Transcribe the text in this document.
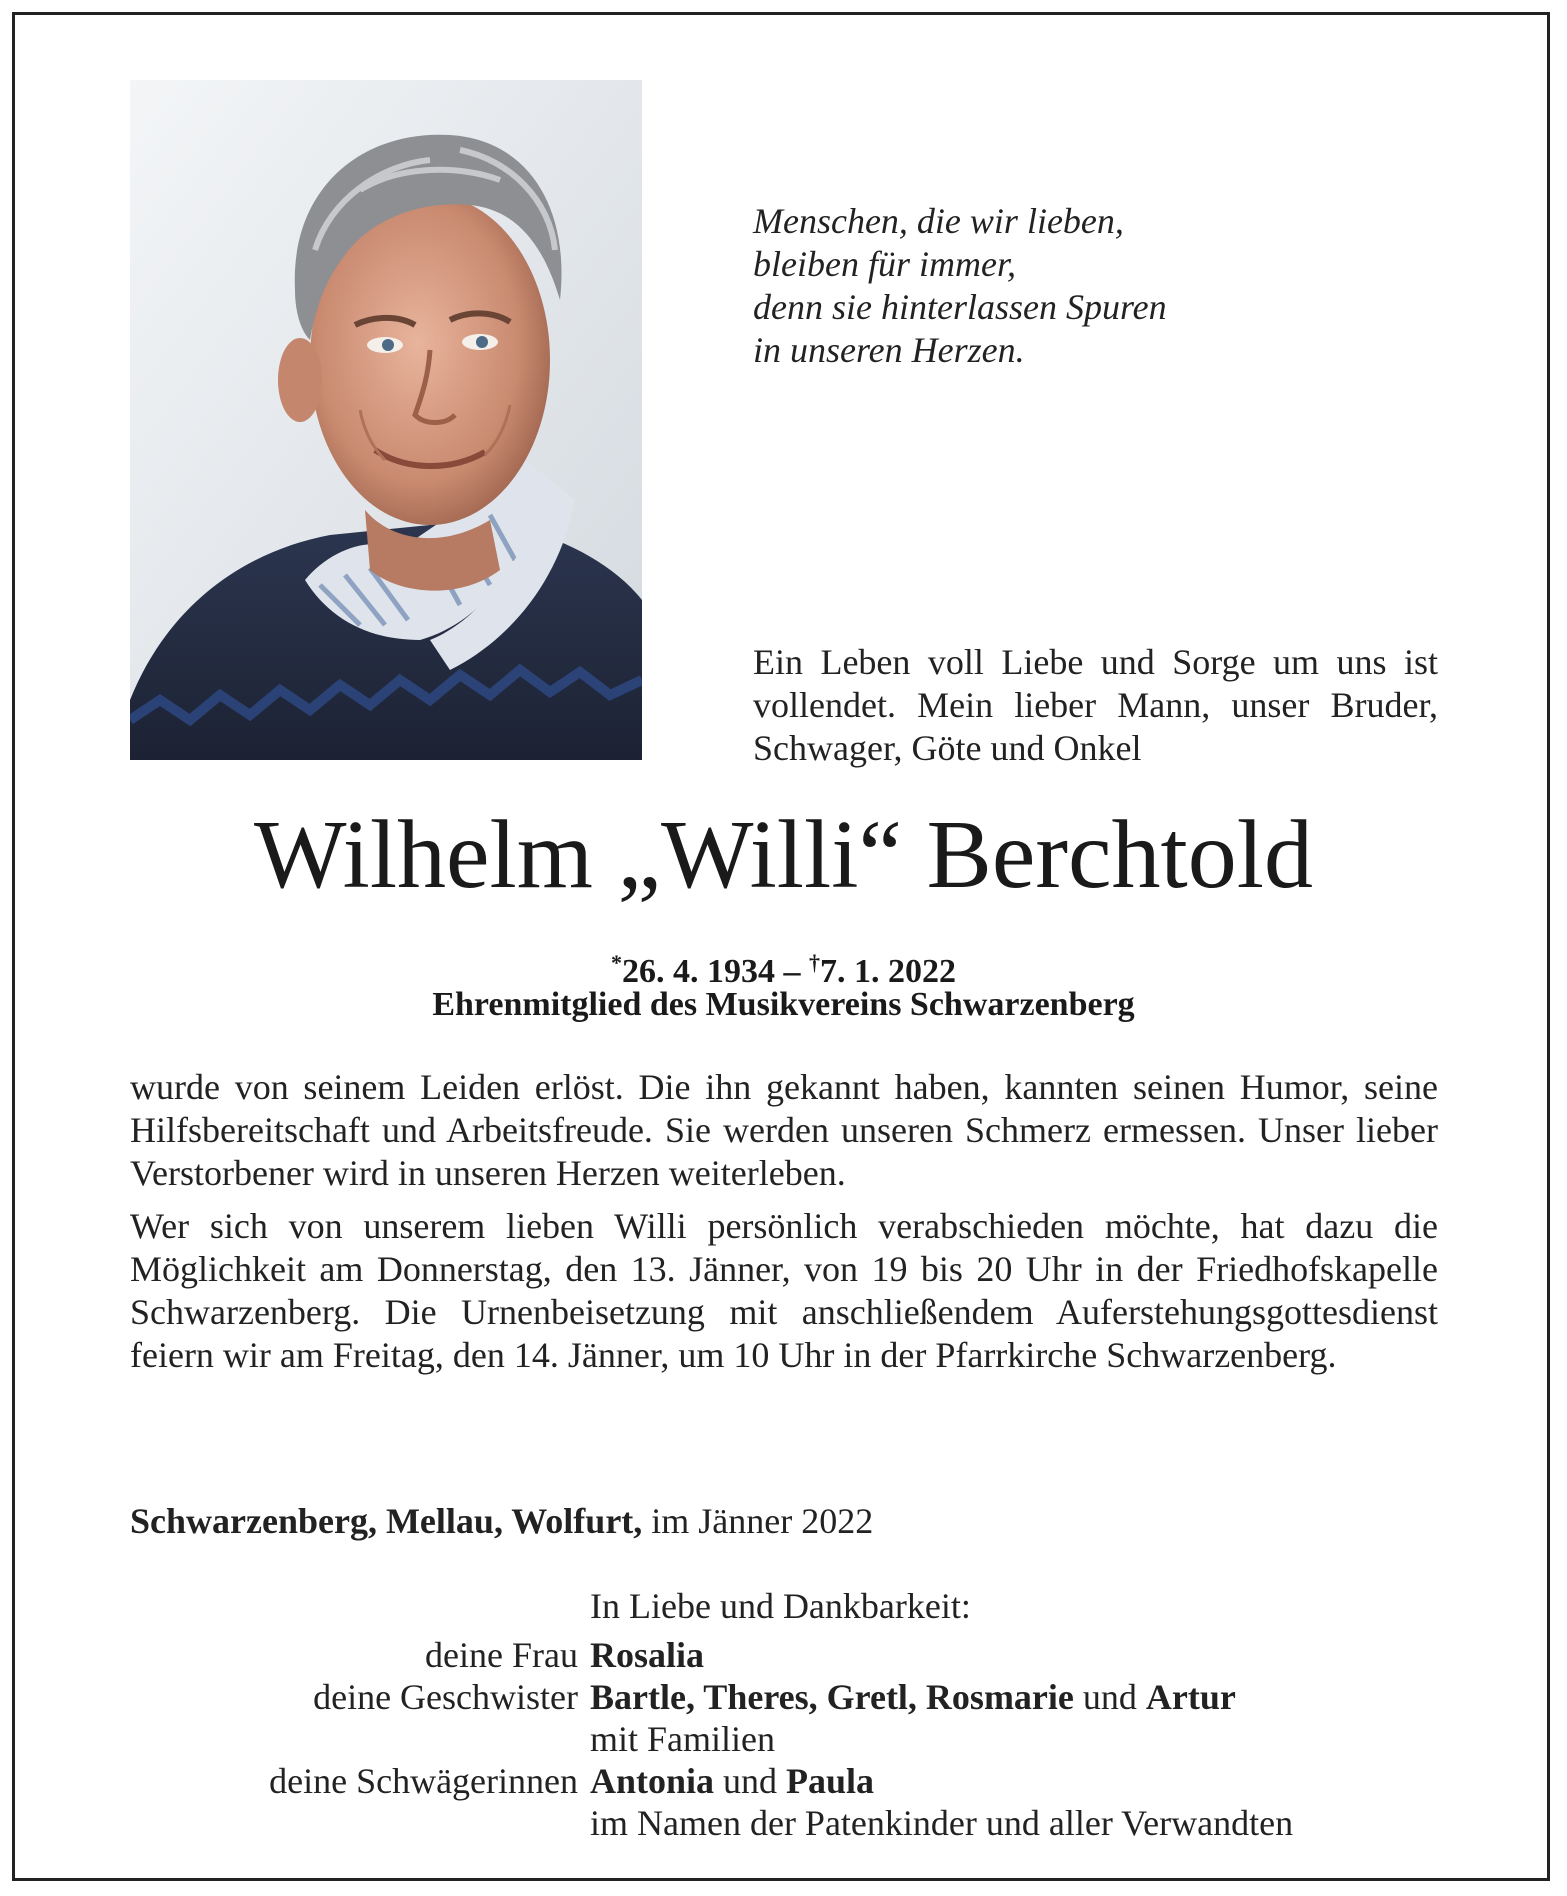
Menschen, die wir lieben,
bleiben für immer,
denn sie hinterlassen Spuren
in unseren Herzen.
Ein Leben voll Liebe und Sorge um uns ist vollendet. Mein lieber Mann, unser Bruder, Schwager, Göte und Onkel
Wilhelm „Willi“ Berchtold
*26. 4. 1934 – †7. 1. 2022
Ehrenmitglied des Musikvereins Schwarzenberg

wurde von seinem Leiden erlöst. Die ihn gekannt haben, kannten seinen Humor, seine Hilfsbereitschaft und Arbeitsfreude. Sie werden unseren Schmerz ermessen. Unser lieber Verstorbener wird in unseren Herzen weiterleben.

Wer sich von unserem lieben Willi persönlich verabschieden möchte, hat dazu die Möglichkeit am Donnerstag, den 13. Jänner, von 19 bis 20 Uhr in der Friedhofskapelle Schwarzenberg. Die Urnenbeisetzung mit anschließendem Auferstehungsgottesdienst feiern wir am Freitag, den 14. Jänner, um 10 Uhr in der Pfarrkirche Schwarzenberg.

Schwarzenberg, Mellau, Wolfurt, im Jänner 2022
In Liebe und Dankbarkeit:
deine Frau Rosalia
deine Geschwister Bartle, Theres, Gretl, Rosmarie und Artur
mit Familien
deine Schwägerinnen Antonia und Paula
im Namen der Patenkinder und aller Verwandten
